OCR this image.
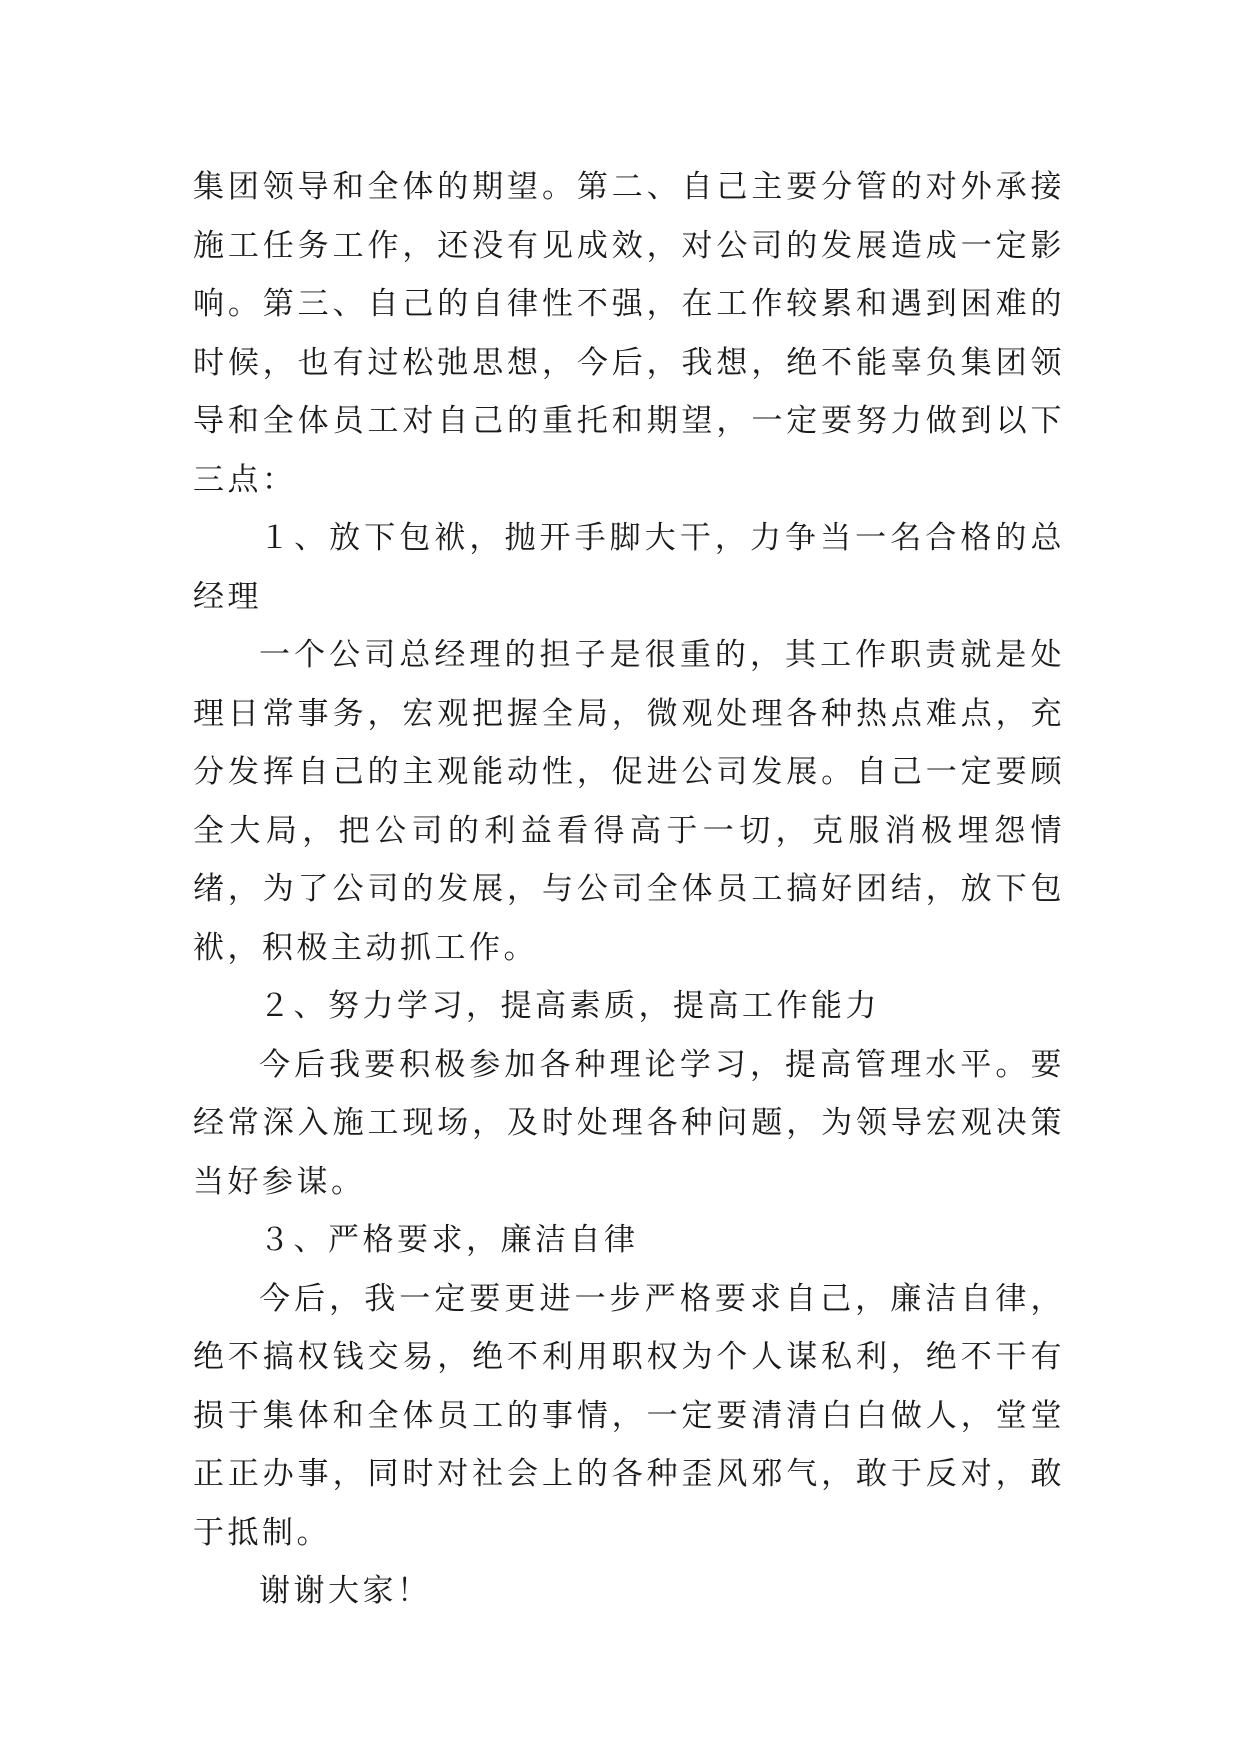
集团领导和全体的期望。第二、自己主要分管的对外承接施工任务工作，还没有见成效，对公司的发展造成一定影响。第三、自己的自律性不强，在工作较累和遇到困难的时候，也有过松弛思想，今后，我想，绝不能辜负集团领导和全体员工对自己的重托和期望，一定要努力做到以下三点：

１、放下包袱，抛开手脚大干，力争当一名合格的总经理

一个公司总经理的担子是很重的，其工作职责就是处理日常事务，宏观把握全局，微观处理各种热点难点，充分发挥自己的主观能动性，促进公司发展。自己一定要顾全大局，把公司的利益看得高于一切，克服消极埋怨情绪，为了公司的发展，与公司全体员工搞好团结，放下包袱，积极主动抓工作。

２、努力学习，提高素质，提高工作能力

今后我要积极参加各种理论学习，提高管理水平。要经常深入施工现场，及时处理各种问题，为领导宏观决策当好参谋。

３、严格要求，廉洁自律

今后，我一定要更进一步严格要求自己，廉洁自律，绝不搞权钱交易，绝不利用职权为个人谋私利，绝不干有损于集体和全体员工的事情，一定要清清白白做人，堂堂正正办事，同时对社会上的各种歪风邪气，敢于反对，敢于抵制。

谢谢大家！
